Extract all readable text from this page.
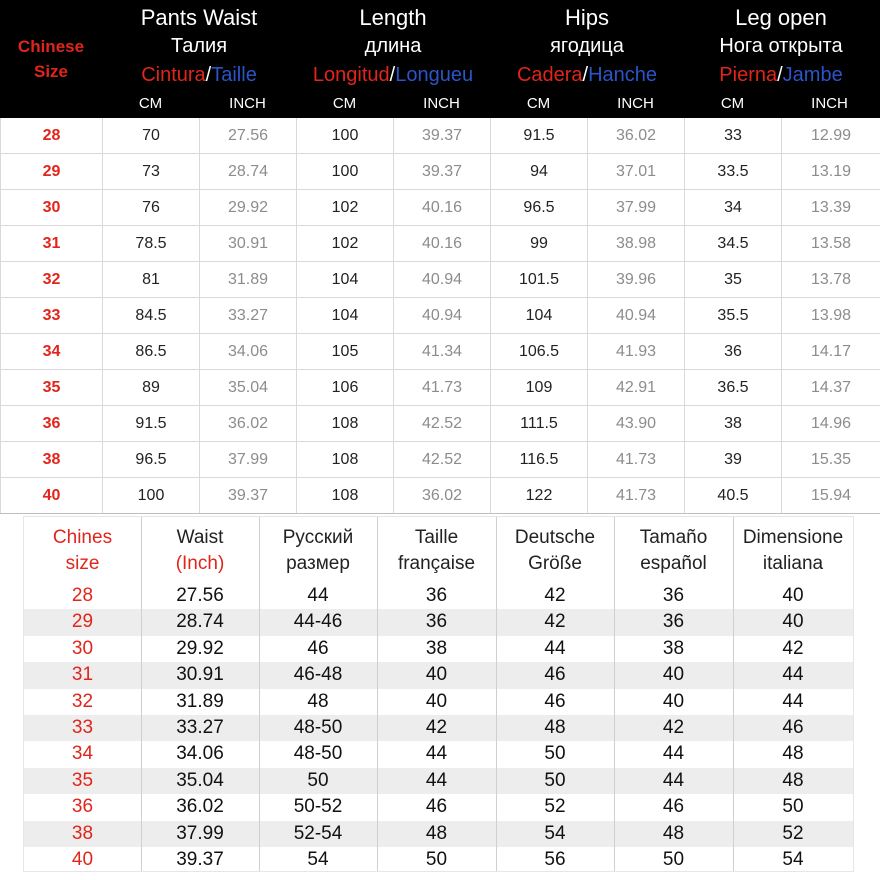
Chinese
Size
Pants Waist
Талия
Cintura/Taille
Length
длина
Longitud/Longueu
Hips
ягодица
Cadera/Hanche
Leg open
Нога открыта
Pierna/Jambe
CM	INCH	CM	INCH	CM	INCH	CM	INCH
28	70	27.56	100	39.37	91.5	36.02	33	12.99
29	73	28.74	100	39.37	94	37.01	33.5	13.19
30	76	29.92	102	40.16	96.5	37.99	34	13.39
31	78.5	30.91	102	40.16	99	38.98	34.5	13.58
32	81	31.89	104	40.94	101.5	39.96	35	13.78
33	84.5	33.27	104	40.94	104	40.94	35.5	13.98
34	86.5	34.06	105	41.34	106.5	41.93	36	14.17
35	89	35.04	106	41.73	109	42.91	36.5	14.37
36	91.5	36.02	108	42.52	111.5	43.90	38	14.96
38	96.5	37.99	108	42.52	116.5	41.73	39	15.35
40	100	39.37	108	36.02	122	41.73	40.5	15.94
Chines
size
Waist
(Inch)
Русский
размер
Taille
française
Deutsche
Größe
Tamaño
español
Dimensione
italiana
28	27.56	44	36	42	36	40
29	28.74	44-46	36	42	36	40
30	29.92	46	38	44	38	42
31	30.91	46-48	40	46	40	44
32	31.89	48	40	46	40	44
33	33.27	48-50	42	48	42	46
34	34.06	48-50	44	50	44	48
35	35.04	50	44	50	44	48
36	36.02	50-52	46	52	46	50
38	37.99	52-54	48	54	48	52
40	39.37	54	50	56	50	54
